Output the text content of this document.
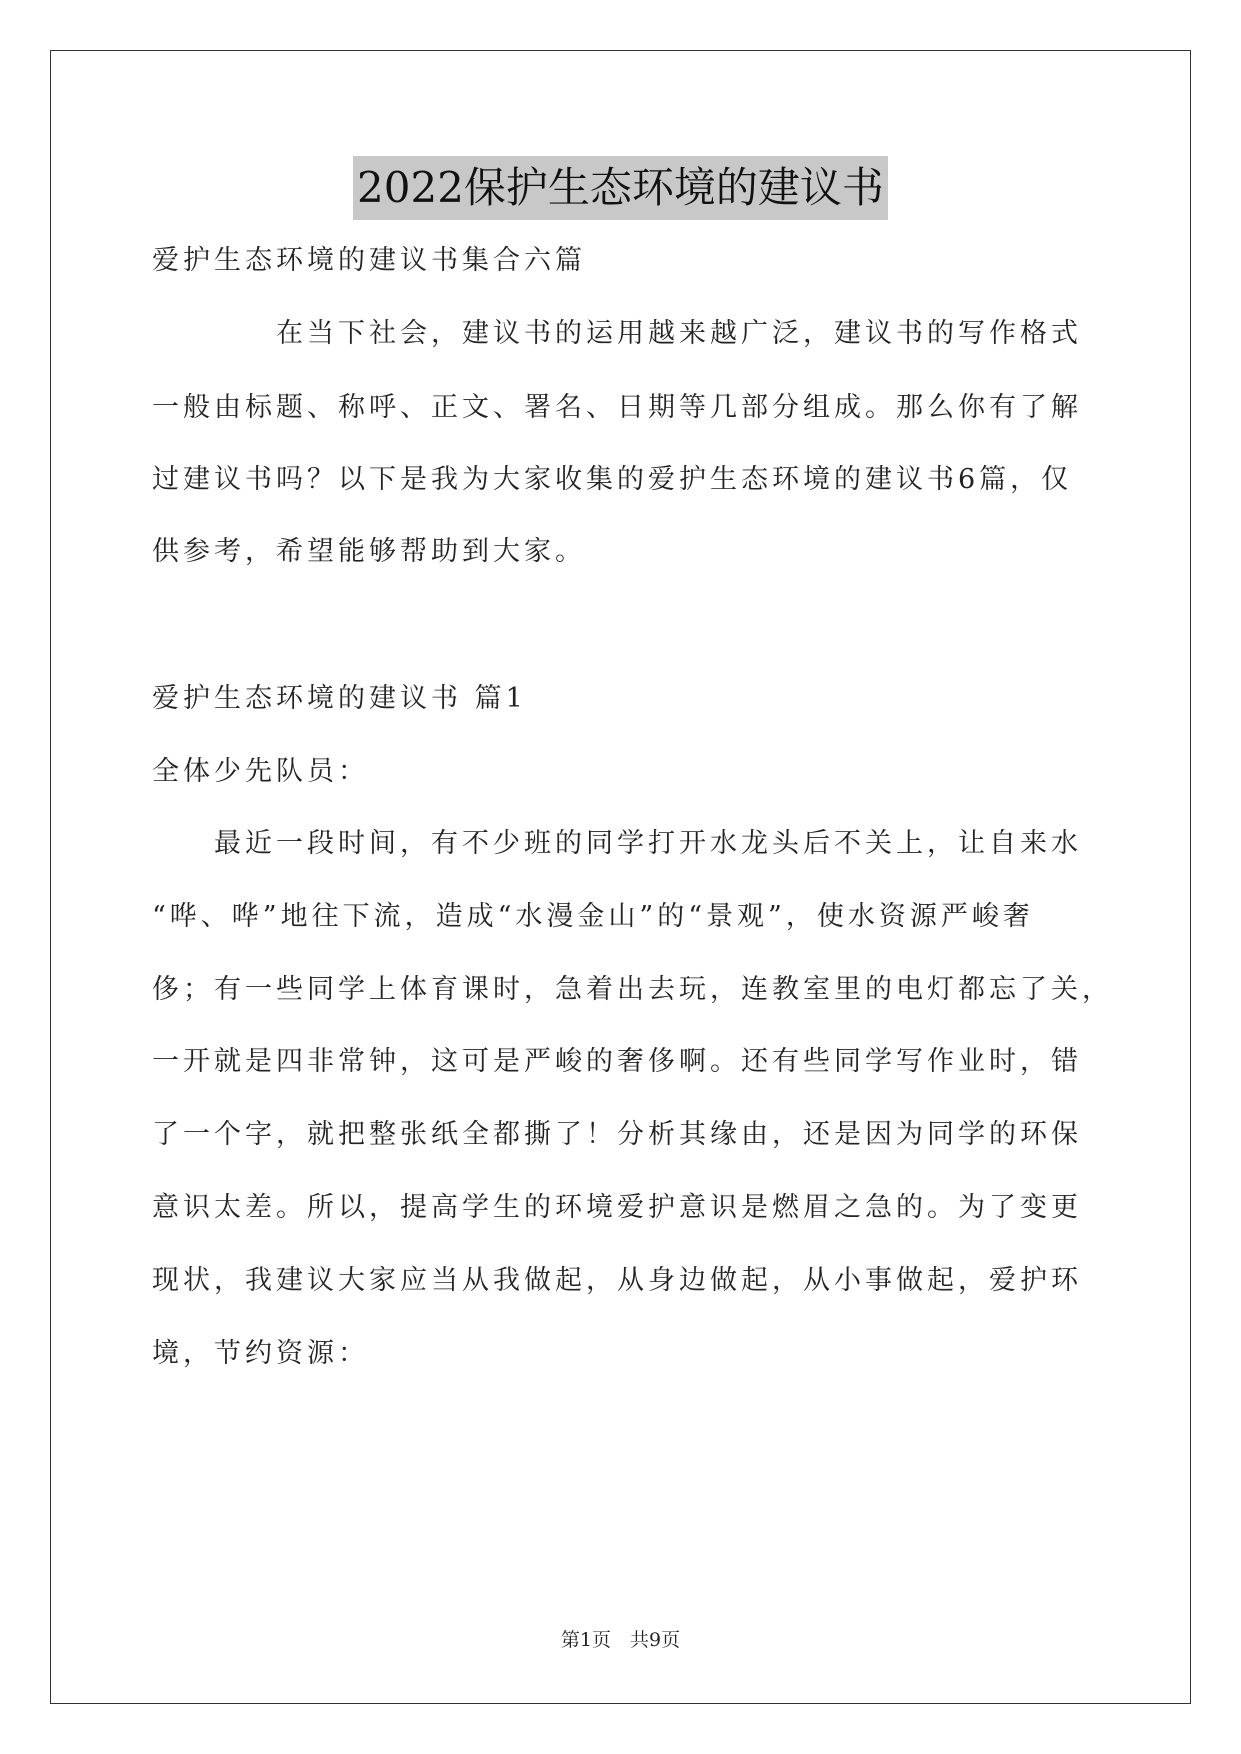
2022保护生态环境的建议书
爱护生态环境的建议书集合六篇
　　　　在当下社会，建议书的运用越来越广泛，建议书的写作格式
一般由标题、称呼、正文、署名、日期等几部分组成。那么你有了解
过建议书吗？以下是我为大家收集的爱护生态环境的建议书6篇，仅
供参考，希望能够帮助到大家。
爱护生态环境的建议书 篇1
全体少先队员：
　　最近一段时间，有不少班的同学打开水龙头后不关上，让自来水
“哗、哗”地往下流，造成“水漫金山”的“景观”，使水资源严峻奢
侈；有一些同学上体育课时，急着出去玩，连教室里的电灯都忘了关，
一开就是四非常钟，这可是严峻的奢侈啊。还有些同学写作业时，错
了一个字，就把整张纸全都撕了！分析其缘由，还是因为同学的环保
意识太差。所以，提高学生的环境爱护意识是燃眉之急的。为了变更
现状，我建议大家应当从我做起，从身边做起，从小事做起，爱护环
境，节约资源：
第1页　共9页
